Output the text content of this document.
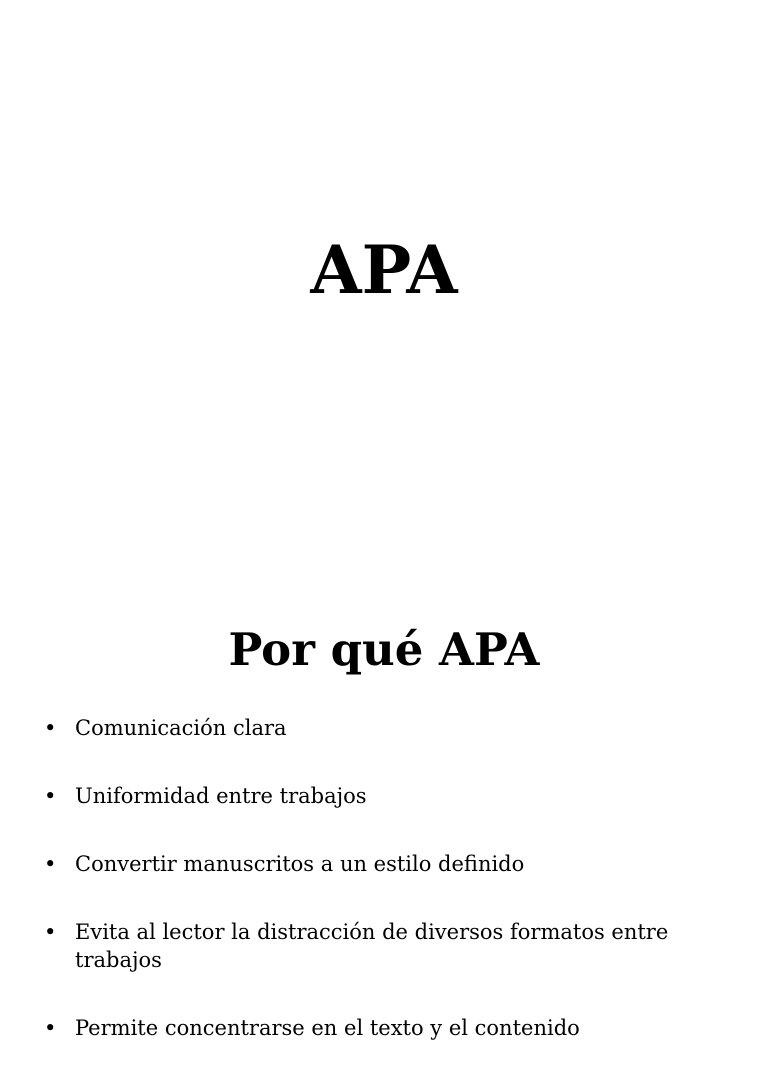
APA
Por qué APA
• Comunicación clara
• Uniformidad entre trabajos
• Convertir manuscritos a un estilo definido
• Evita al lector la distracción de diversos formatos entre trabajos
• Permite concentrarse en el texto y el contenido
